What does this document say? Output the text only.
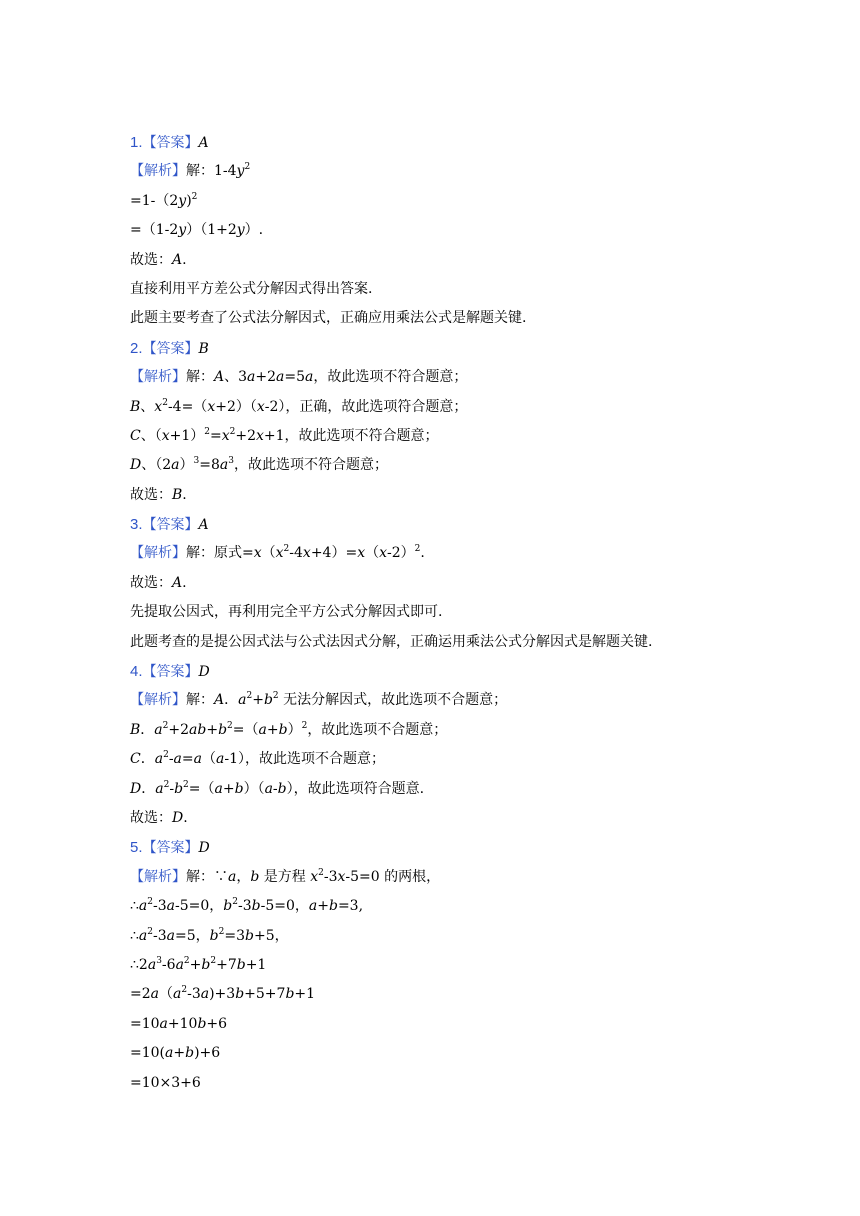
1.【答案】A
【解析】解：$1-4y^2$
=1-（2y)$^2$
=（1-2y）（1+2y）.
故选：A.
直接利用平方差公式分解因式得出答案.
此题主要考查了公式法分解因式，正确应用乘法公式是解题关键.
2.【答案】B
【解析】解：A、3a+2a=5a，故此选项不符合题意；
B、$x^2-4=(x+2)(x-2)$，正确，故此选项符合题意；
C、$(x+1)^2=x^2+2x+1$，故此选项不符合题意；
D、$(2a)^3=8a^3$，故此选项不符合题意；
故选：B.
3.【答案】A
【解析】解：原式$=x(x^2-4x+4)=x(x-2)^2$.
故选：A.
先提取公因式，再利用完全平方公式分解因式即可.
此题考查的是提公因式法与公式法因式分解，正确运用乘法公式分解因式是解题关键.
4.【答案】D
【解析】解：A．$a^2+b^2$ 无法分解因式，故此选项不合题意；
B．$a^2+2ab+b^2=(a+b)^2$，故此选项不合题意；
C．$a^2-a=a(a-1)$，故此选项不合题意；
D．$a^2-b^2=(a+b)(a-b)$，故此选项符合题意.
故选：D.
5.【答案】D
【解析】解：∵a，b 是方程 $x^2-3x-5=0$ 的两根，
$\therefore a^2-3a-5=0$，$b^2-3b-5=0$，a+b=3,
$\therefore a^2-3a=5$，$b^2=3b+5$，
$\therefore 2a^3-6a^2+b^2+7b+1$
$=2a(a^2-3a)+3b+5+7b+1$
=10a+10b+6
=10(a+b)+6
=10×3+6
